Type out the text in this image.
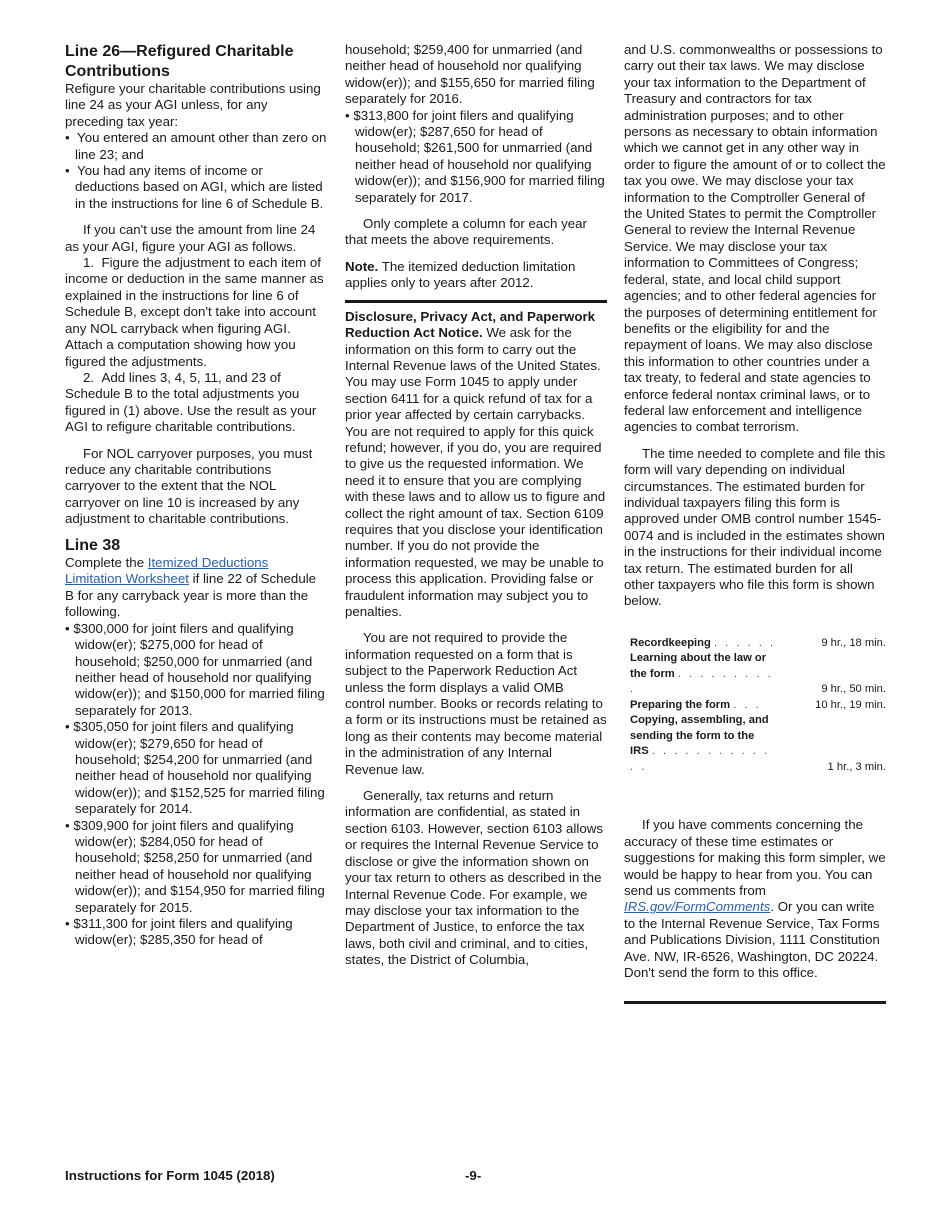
Line 26—Refigured Charitable Contributions

Refigure your charitable contributions using line 24 as your AGI unless, for any preceding tax year:

•  You entered an amount other than zero on line 23; and

•  You had any items of income or deductions based on AGI, which are listed in the instructions for line 6 of Schedule B.

If you can't use the amount from line 24 as your AGI, figure your AGI as follows.

1.  Figure the adjustment to each item of income or deduction in the same manner as explained in the instructions for line 6 of Schedule B, except don't take into account any NOL carryback when figuring AGI. Attach a computation showing how you figured the adjustments.

2.  Add lines 3, 4, 5, 11, and 23 of Schedule B to the total adjustments you figured in (1) above. Use the result as your AGI to refigure charitable contributions.

For NOL carryover purposes, you must reduce any charitable contributions carryover to the extent that the NOL carryover on line 10 is increased by any adjustment to charitable contributions.

Line 38

Complete the Itemized Deductions Limitation Worksheet if line 22 of Schedule B for any carryback year is more than the following.

• $300,000 for joint filers and qualifying widow(er); $275,000 for head of household; $250,000 for unmarried (and neither head of household nor qualifying widow(er)); and $150,000 for married filing separately for 2013.

• $305,050 for joint filers and qualifying widow(er); $279,650 for head of household; $254,200 for unmarried (and neither head of household nor qualifying widow(er)); and $152,525 for married filing separately for 2014.

• $309,900 for joint filers and qualifying widow(er); $284,050 for head of household; $258,250 for unmarried (and neither head of household nor qualifying widow(er)); and $154,950 for married filing separately for 2015.

• $311,300 for joint filers and qualifying widow(er); $285,350 for head of

household; $259,400 for unmarried (and neither head of household nor qualifying widow(er)); and $155,650 for married filing separately for 2016.

• $313,800 for joint filers and qualifying widow(er); $287,650 for head of household; $261,500 for unmarried (and neither head of household nor qualifying widow(er)); and $156,900 for married filing separately for 2017.

Only complete a column for each year that meets the above requirements.

Note. The itemized deduction limitation applies only to years after 2012.

Disclosure, Privacy Act, and Paperwork Reduction Act Notice. We ask for the information on this form to carry out the Internal Revenue laws of the United States. You may use Form 1045 to apply under section 6411 for a quick refund of tax for a prior year affected by certain carrybacks. You are not required to apply for this quick refund; however, if you do, you are required to give us the requested information. We need it to ensure that you are complying with these laws and to allow us to figure and collect the right amount of tax. Section 6109 requires that you disclose your identification number. If you do not provide the information requested, we may be unable to process this application. Providing false or fraudulent information may subject you to penalties.

You are not required to provide the information requested on a form that is subject to the Paperwork Reduction Act unless the form displays a valid OMB control number. Books or records relating to a form or its instructions must be retained as long as their contents may become material in the administration of any Internal Revenue law.

Generally, tax returns and return information are confidential, as stated in section 6103. However, section 6103 allows or requires the Internal Revenue Service to disclose or give the information shown on your tax return to others as described in the Internal Revenue Code. For example, we may disclose your tax information to the Department of Justice, to enforce the tax laws, both civil and criminal, and to cities, states, the District of Columbia,

and U.S. commonwealths or possessions to carry out their tax laws. We may disclose your tax information to the Department of Treasury and contractors for tax administration purposes; and to other persons as necessary to obtain information which we cannot get in any other way in order to figure the amount of or to collect the tax you owe. We may disclose your tax information to the Comptroller General of the United States to permit the Comptroller General to review the Internal Revenue Service. We may disclose your tax information to Committees of Congress; federal, state, and local child support agencies; and to other federal agencies for the purposes of determining entitlement for benefits or the eligibility for and the repayment of loans. We may also disclose this information to other countries under a tax treaty, to federal and state agencies to enforce federal nontax criminal laws, or to federal law enforcement and intelligence agencies to combat terrorism.

The time needed to complete and file this form will vary depending on individual circumstances. The estimated burden for individual taxpayers filing this form is approved under OMB control number 1545-0074 and is included in the estimates shown in the instructions for their individual income tax return. The estimated burden for all other taxpayers who file this form is shown below.

Recordkeeping . . . . . .	9 hr., 18 min.
Learning about the law or
the form . . . . . . . . . .	9 hr., 50 min.
Preparing the form . . .	10 hr., 19 min.
Copying, assembling, and
sending the form to the
IRS . . . . . . . . . . . . .	1 hr., 3 min.

If you have comments concerning the accuracy of these time estimates or suggestions for making this form simpler, we would be happy to hear from you. You can send us comments from IRS.gov/FormComments. Or you can write to the Internal Revenue Service, Tax Forms and Publications Division, 1111 Constitution Ave. NW, IR-6526, Washington, DC 20224. Don't send the form to this office.

Instructions for Form 1045 (2018)	-9-
